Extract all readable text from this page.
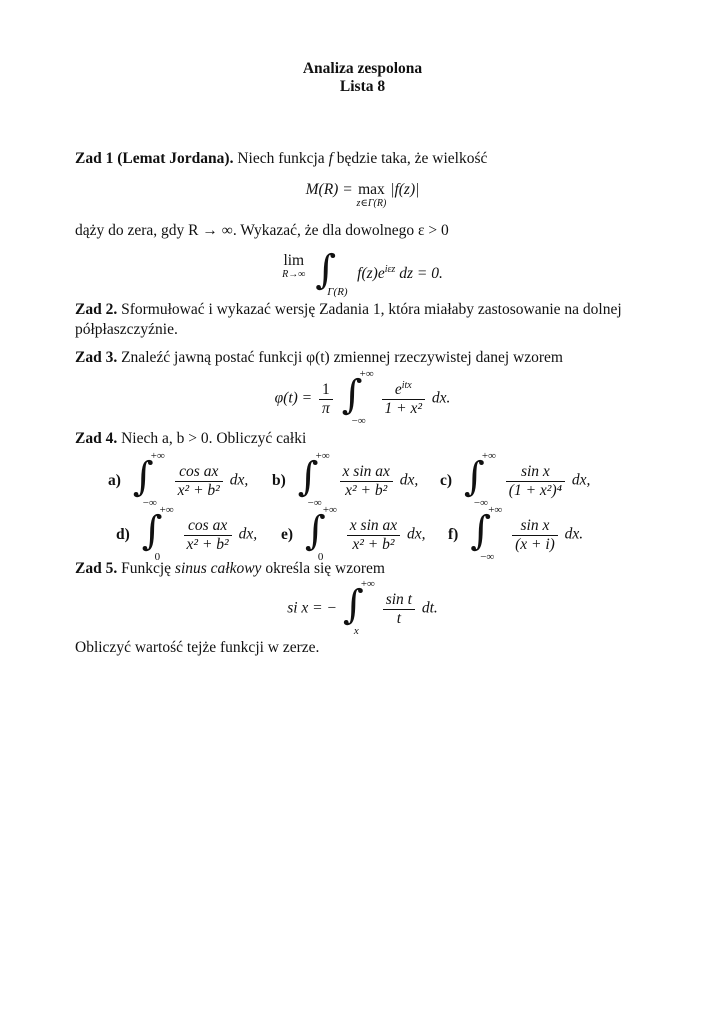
Analiza zespolona
Lista 8
Zad 1 (Lemat Jordana). Niech funkcja f będzie taka, że wielkość
M(R) = max
z∈Γ(R)
|f(z)|
dąży do zera, gdy R → ∞. Wykazać, że dla dowolnego ε > 0
lim
R→∞
∫
Γ(R)
$f(z)e^{i\varepsilon z}$ dz = 0.
Zad 2. Sformułować i wykazać wersję Zadania 1, która miałaby zastosowanie na dolnej półpłaszczyźnie.
Zad 3. Znaleźć jawną postać funkcji φ(t) zmiennej rzeczywistej danej wzorem
$\varphi(t) = \frac{1}{\pi}$
∫
+∞
−∞

$\frac{e^{itx}}{\text{1 + x²}}$ dx.
Zad 4. Niech a, b > 0. Obliczyć całki
a) ∫
+∞
−∞

$\frac{\text{cos ax}}{\text{x² + b²}}$ dx, b) ∫
+∞
−∞

$\frac{\text{x sin ax}}{\text{x² + b²}}$ dx, c) ∫
+∞
−∞

$\frac{\text{sin x}}{\text{(1 + x²)⁴}}$ dx,
d) ∫
+∞
0

$\frac{\text{cos ax}}{\text{x² + b²}}$ dx, e) ∫
+∞
0

$\frac{\text{x sin ax}}{\text{x² + b²}}$ dx, f) ∫
+∞
−∞

$\frac{\text{sin x}}{(x + i)}$ dx.
Zad 5. Funkcję sinus całkowy określa się wzorem
si x = − ∫
+∞
x

$\frac{\text{sin t}}{t}$ dt.
Obliczyć wartość tejże funkcji w zerze.
